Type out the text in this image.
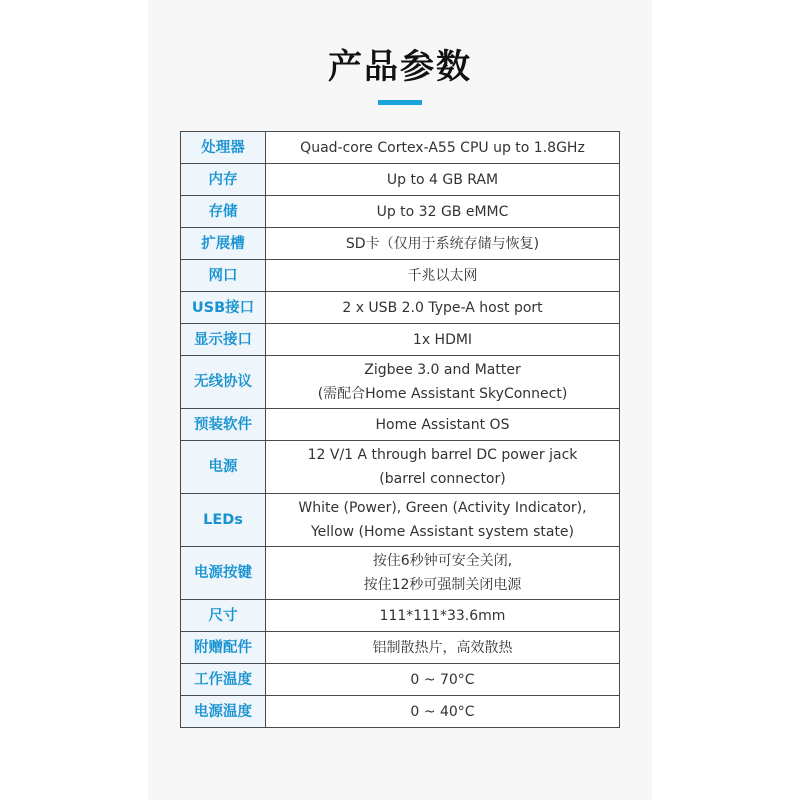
产品参数
处理器	Quad-core Cortex-A55 CPU up to 1.8GHz

内存	Up to 4 GB RAM

存储	Up to 32 GB eMMC

扩展槽	SD卡（仅用于系统存储与恢复)

网口	千兆以太网

USB接口	2 x USB 2.0 Type-A host port

显示接口	1x HDMI

无线协议	Zigbee 3.0 and Matter
(需配合Home Assistant SkyConnect)

预装软件	Home Assistant OS

电源	12 V/1 A through barrel DC power jack
(barrel connector)

LEDs	White (Power), Green (Activity Indicator),
Yellow (Home Assistant system state)

电源按键	按住6秒钟可安全关闭,
按住12秒可强制关闭电源

尺寸	111*111*33.6mm

附赠配件	铝制散热片，高效散热

工作温度	0 ~ 70°C

电源温度	0 ~ 40°C
